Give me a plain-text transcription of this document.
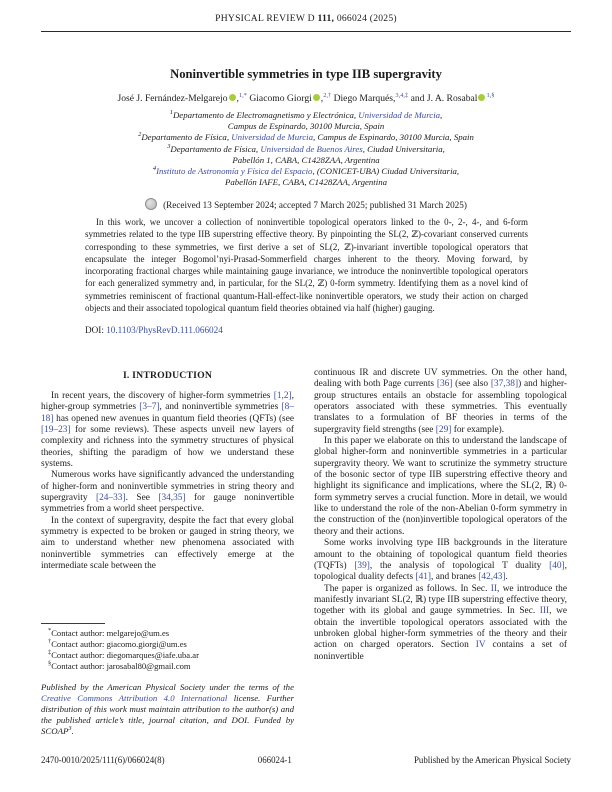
PHYSICAL REVIEW D 111, 066024 (2025)
Noninvertible symmetries in type IIB supergravity
José J. Fernández-Melgarejo ,$^{1,*}$ Giacomo Giorgi ,$^{2,\dagger}$ Diego Marqués,$^{3,4,\ddagger}$ and J. A. Rosabal $^{1,\S}$
$^1$Departamento de Electromagnetismo y Electrónica, Universidad de Murcia,
Campus de Espinardo, 30100 Murcia, Spain
$^2$Departamento de Física, Universidad de Murcia, Campus de Espinardo, 30100 Murcia, Spain
$^3$Departamento de Física, Universidad de Buenos Aires, Ciudad Universitaria,
Pabellón 1, CABA, C1428ZAA, Argentina
$^4$Instituto de Astronomía y Física del Espacio, (CONICET-UBA) Ciudad Universitaria,
Pabellón IAFE, CABA, C1428ZAA, Argentina
(Received 13 September 2024; accepted 7 March 2025; published 31 March 2025)
In this work, we uncover a collection of noninvertible topological operators linked to the 0-, 2-, 4-, and 6-form symmetries related to the type IIB superstring effective theory. By pinpointing the SL(2, ℤ)-covariant conserved currents corresponding to these symmetries, we first derive a set of SL(2, ℤ)-invariant invertible topological operators that encapsulate the integer Bogomol’nyi-Prasad-Sommerfield charges inherent to the theory. Moving forward, by incorporating fractional charges while maintaining gauge invariance, we introduce the noninvertible topological operators for each generalized symmetry and, in particular, for the SL(2, ℤ) 0-form symmetry. Identifying them as a novel kind of symmetries reminiscent of fractional quantum-Hall-effect-like noninvertible operators, we study their action on charged objects and their associated topological quantum field theories obtained via half (higher) gauging.
DOI: 10.1103/PhysRevD.111.066024
I. INTRODUCTION

In recent years, the discovery of higher-form symmetries [1,2], higher-group symmetries [3–7], and noninvertible symmetries [8–18] has opened new avenues in quantum field theories (QFTs) (see [19–23] for some reviews). These aspects unveil new layers of complexity and richness into the symmetry structures of physical theories, shifting the paradigm of how we understand these systems.

Numerous works have significantly advanced the understanding of higher-form and noninvertible symmetries in string theory and supergravity [24–33]. See [34,35] for gauge noninvertible symmetries from a world sheet perspective.

In the context of supergravity, despite the fact that every global symmetry is expected to be broken or gauged in string theory, we aim to understand whether new phenomena associated with noninvertible symmetries can effectively emerge at the intermediate scale between the

*Contact author: melgarejo@um.es
†Contact author: giacomo.giorgi@um.es
‡Contact author: diegomarques@iafe.uba.ar
§Contact author: jarosabal80@gmail.com

Published by the American Physical Society under the terms of the Creative Commons Attribution 4.0 International license. Further distribution of this work must maintain attribution to the author(s) and the published article’s title, journal citation, and DOI. Funded by SCOAP$^3$.

continuous IR and discrete UV symmetries. On the other hand, dealing with both Page currents [36] (see also [37,38]) and higher-group structures entails an obstacle for assembling topological operators associated with these symmetries. This eventually translates to a formulation of BF theories in terms of the supergravity field strengths (see [29] for example).

In this paper we elaborate on this to understand the landscape of global higher-form and noninvertible symmetries in a particular supergravity theory. We want to scrutinize the symmetry structure of the bosonic sector of type IIB superstring effective theory and highlight its significance and implications, where the SL(2, ℝ) 0-form symmetry serves a crucial function. More in detail, we would like to understand the role of the non-Abelian 0-form symmetry in the construction of the (non)invertible topological operators of the theory and their actions.

Some works involving type IIB backgrounds in the literature amount to the obtaining of topological quantum field theories (TQFTs) [39], the analysis of topological T duality [40], topological duality defects [41], and branes [42,43].

The paper is organized as follows. In Sec. II, we introduce the manifestly invariant SL(2, ℝ) type IIB superstring effective theory, together with its global and gauge symmetries. In Sec. III, we obtain the invertible topological operators associated with the unbroken global higher-form symmetries of the theory and their action on charged operators. Section IV contains a set of noninvertible

2470-0010/2025/111(6)/066024(8)	066024-1	Published by the American Physical Society
